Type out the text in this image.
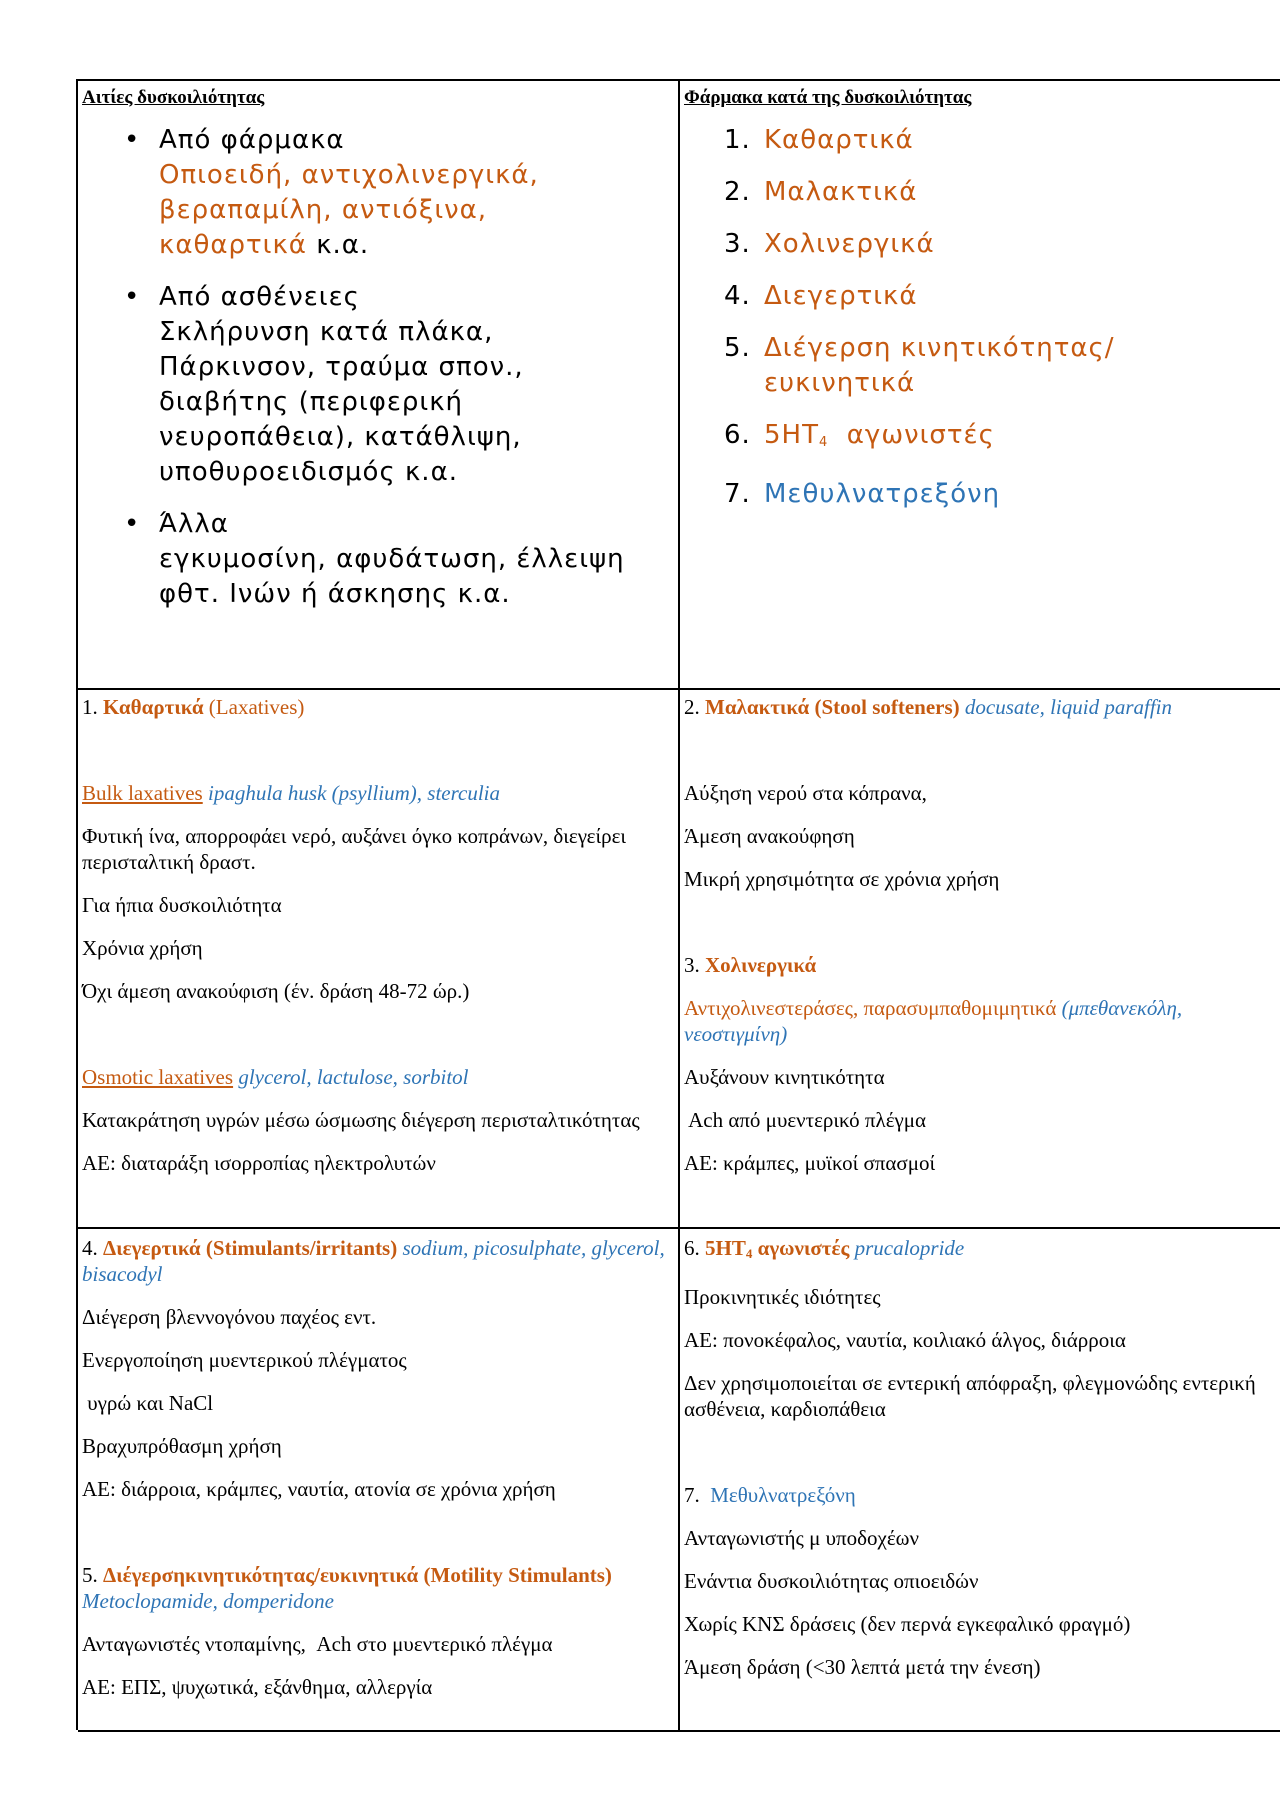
Αιτίες δυσκοιλιότητας
• Από φάρμακα
Οπιοειδή, αντιχολινεργικά,
βεραπαμίλη, αντιόξινα,
καθαρτικά κ.α.
• Από ασθένειες
Σκλήρυνση κατά πλάκα,
Πάρκινσον, τραύμα σπον.,
διαβήτης (περιφερική
νευροπάθεια), κατάθλιψη,
υποθυροειδισμός κ.α.
• Άλλα
εγκυμοσίνη, αφυδάτωση, έλλειψη
φθτ. Ινών ή άσκησης κ.α.
Φάρμακα κατά της δυσκοιλιότητας
1. Καθαρτικά
2. Μαλακτικά
3. Χολινεργικά
4. Διεγερτικά
5. Διέγερση κινητικότητας/
ευκινητικά
6. $5HT_4$  αγωνιστές
7. Μεθυλνατρεξόνη

1. Καθαρτικά (Laxatives)

Bulk laxatives ipaghula husk (psyllium), sterculia

Φυτική ίνα, απορροφάει νερό, αυξάνει όγκο κοπράνων, διεγείρει περισταλτική δραστ.

Για ήπια δυσκοιλιότητα

Χρόνια χρήση

Όχι άμεση ανακούφιση (έν. δράση 48-72 ώρ.)

Osmotic laxatives glycerol, lactulose, sorbitol

Κατακράτηση υγρών μέσω ώσμωσης διέγερση περισταλτικότητας

ΑΕ: διαταράξη ισορροπίας ηλεκτρολυτών

2. Μαλακτικά (Stool softeners) docusate, liquid paraffin

Αύξηση νερού στα κόπρανα,

Άμεση ανακούφηση

Μικρή χρησιμότητα σε χρόνια χρήση

3. Χολινεργικά

Αντιχολινεστεράσες, παρασυμπαθομιμητικά (μπεθανεκόλη, νεοστιγμίνη)

Αυξάνουν κινητικότητα

Ach από μυεντερικό πλέγμα

ΑΕ: κράμπες, μυϊκοί σπασμοί

4. Διεγερτικά (Stimulants/irritants) sodium, picosulphate, glycerol, bisacodyl

Διέγερση βλεννογόνου παχέος εντ.

Ενεργοποίηση μυεντερικού πλέγματος

υγρώ και NaCl

Βραχυπρόθασμη χρήση

ΑΕ: διάρροια, κράμπες, ναυτία, ατονία σε χρόνια χρήση

5. Διέγερσηκινητικότητας/ευκινητικά (Motility Stimulants) Metoclopamide, domperidone

Ανταγωνιστές ντοπαμίνης,  Ach στο μυεντερικό πλέγμα

ΑΕ: ΕΠΣ, ψυχωτικά, εξάνθημα, αλλεργία

6. $5HT_4$ αγωνιστές prucalopride

Προκινητικές ιδιότητες

ΑΕ: πονοκέφαλος, ναυτία, κοιλιακό άλγος, διάρροια

Δεν χρησιμοποιείται σε εντερική απόφραξη, φλεγμονώδης εντερική ασθένεια, καρδιοπάθεια

7. Μεθυλνατρεξόνη

Ανταγωνιστής μ υποδοχέων

Ενάντια δυσκοιλιότητας οπιοειδών

Χωρίς ΚΝΣ δράσεις (δεν περνά εγκεφαλικό φραγμό)

Άμεση δράση (<30 λεπτά μετά την ένεση)
